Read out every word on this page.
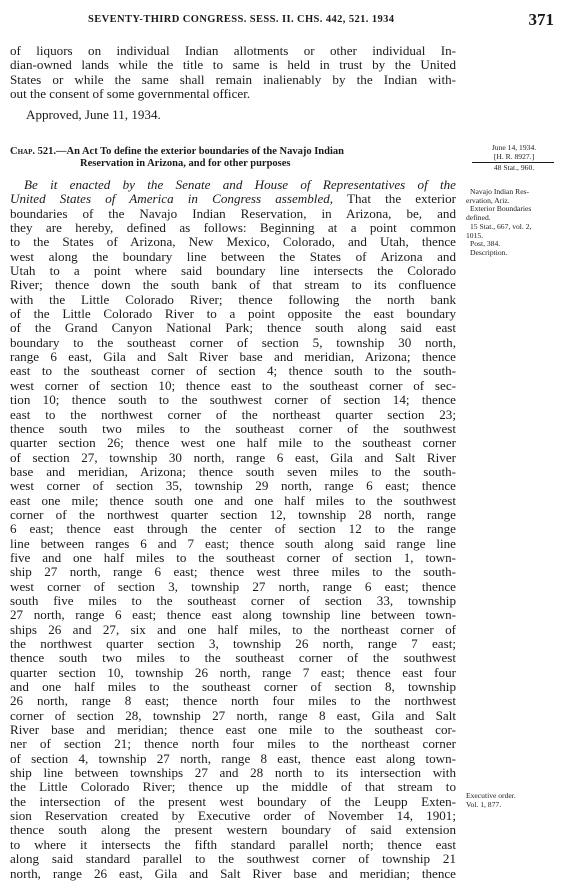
SEVENTY-THIRD CONGRESS. SESS. II. CHS. 442, 521. 1934	371
of liquors on individual Indian allotments or other individual In-
dian-owned lands while the title to same is held in trust by the United
States or while the same shall remain inalienably by the Indian with-
out the consent of some governmental officer.
Approved, June 11, 1934.
Chap. 521.—An Act To define the exterior boundaries of the Navajo Indian
Reservation in Arizona, and for other purposes
June 14, 1934.
[H. R. 8927.]
48 Stat., 960.
Navajo Indian Res-
ervation, Ariz.
Exterior Boundaries
defined.
15 Stat., 667, vol. 2,
1015.
Post, 384.
Description.
Executive order.
Vol. 1, 877.
Be it enacted by the Senate and House of Representatives of the
United States of America in Congress assembled, That the exterior
boundaries of the Navajo Indian Reservation, in Arizona, be, and
they are hereby, defined as follows: Beginning at a point common
to the States of Arizona, New Mexico, Colorado, and Utah, thence
west along the boundary line between the States of Arizona and
Utah to a point where said boundary line intersects the Colorado
River; thence down the south bank of that stream to its confluence
with the Little Colorado River; thence following the north bank
of the Little Colorado River to a point opposite the east boundary
of the Grand Canyon National Park; thence south along said east
boundary to the southeast corner of section 5, township 30 north,
range 6 east, Gila and Salt River base and meridian, Arizona; thence
east to the southeast corner of section 4; thence south to the south-
west corner of section 10; thence east to the southeast corner of sec-
tion 10; thence south to the southwest corner of section 14; thence
east to the northwest corner of the northeast quarter section 23;
thence south two miles to the southeast corner of the southwest
quarter section 26; thence west one half mile to the southeast corner
of section 27, township 30 north, range 6 east, Gila and Salt River
base and meridian, Arizona; thence south seven miles to the south-
west corner of section 35, township 29 north, range 6 east; thence
east one mile; thence south one and one half miles to the southwest
corner of the northwest quarter section 12, township 28 north, range
6 east; thence east through the center of section 12 to the range
line between ranges 6 and 7 east; thence south along said range line
five and one half miles to the southeast corner of section 1, town-
ship 27 north, range 6 east; thence west three miles to the south-
west corner of section 3, township 27 north, range 6 east; thence
south five miles to the southeast corner of section 33, township
27 north, range 6 east; thence east along township line between town-
ships 26 and 27, six and one half miles, to the northeast corner of
the northwest quarter section 3, township 26 north, range 7 east;
thence south two miles to the southeast corner of the southwest
quarter section 10, township 26 north, range 7 east; thence east four
and one half miles to the southeast corner of section 8, township
26 north, range 8 east; thence north four miles to the northwest
corner of section 28, township 27 north, range 8 east, Gila and Salt
River base and meridian; thence east one mile to the southeast cor-
ner of section 21; thence north four miles to the northeast corner
of section 4, township 27 north, range 8 east, thence east along town-
ship line between townships 27 and 28 north to its intersection with
the Little Colorado River; thence up the middle of that stream to
the intersection of the present west boundary of the Leupp Exten-
sion Reservation created by Executive order of November 14, 1901;
thence south along the present western boundary of said extension
to where it intersects the fifth standard parallel north; thence east
along said standard parallel to the southwest corner of township 21
north, range 26 east, Gila and Salt River base and meridian; thence
